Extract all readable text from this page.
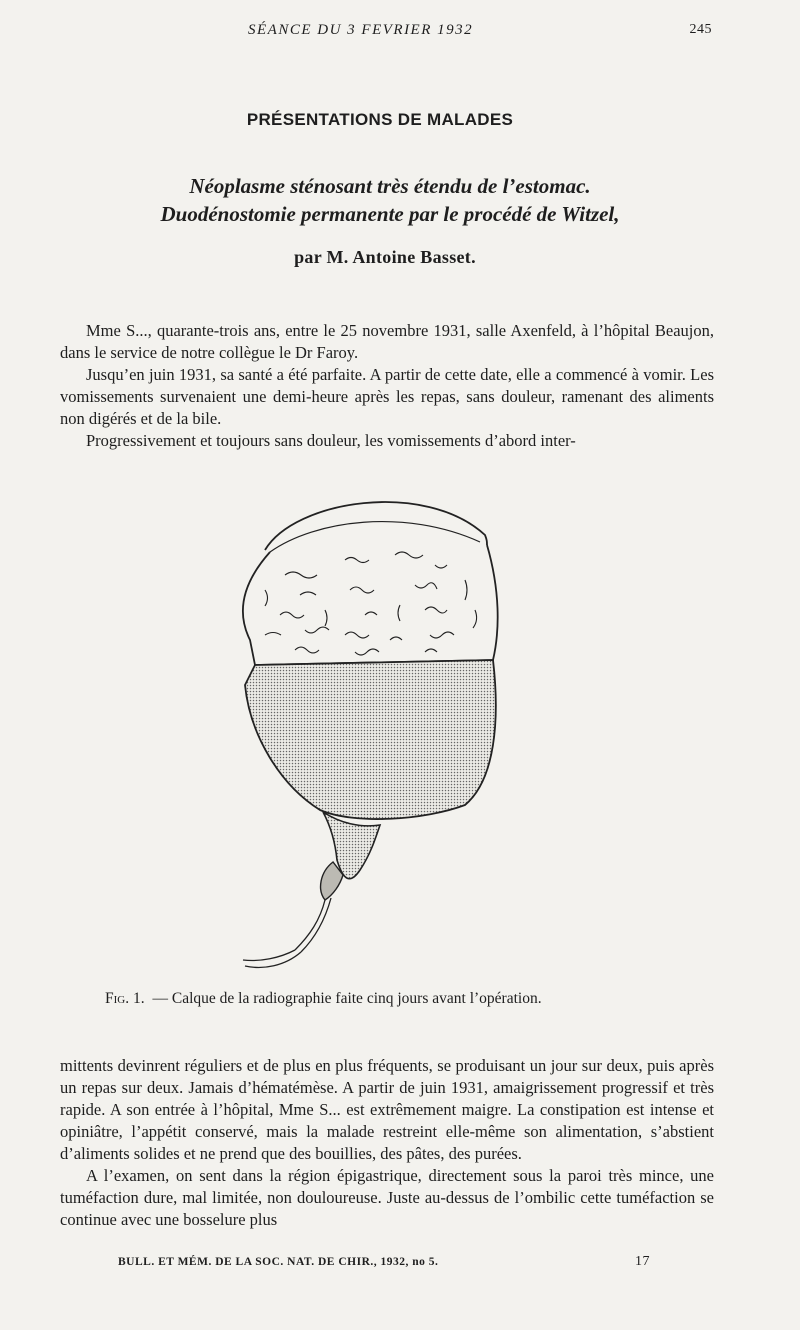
SÉANCE DU 3 FEVRIER 1932	245
PRÉSENTATIONS DE MALADES
Néoplasme sténosant très étendu de l’estomac.
Duodénostomie permanente par le procédé de Witzel,
par M. Antoine Basset.

Mme S..., quarante-trois ans, entre le 25 novembre 1931, salle Axenfeld, à l’hôpital Beaujon, dans le service de notre collègue le Dr Faroy.

Jusqu’en juin 1931, sa santé a été parfaite. A partir de cette date, elle a commencé à vomir. Les vomissements survenaient une demi-heure après les repas, sans douleur, ramenant des aliments non digérés et de la bile.

Progressivement et toujours sans douleur, les vomissements d’abord inter-

Fig. 1. — Calque de la radiographie faite cinq jours avant l’opération.

mittents devinrent réguliers et de plus en plus fréquents, se produisant un jour sur deux, puis après un repas sur deux. Jamais d’hématémèse. A partir de juin 1931, amaigrissement progressif et très rapide. A son entrée à l’hôpital, Mme S... est extrêmement maigre. La constipation est intense et opiniâtre, l’appétit conservé, mais la malade restreint elle-même son alimentation, s’abstient d’aliments solides et ne prend que des bouillies, des pâtes, des purées.

A l’examen, on sent dans la région épigastrique, directement sous la paroi très mince, une tuméfaction dure, mal limitée, non douloureuse. Juste au-dessus de l’ombilic cette tuméfaction se continue avec une bosselure plus

BULL. ET MÉM. DE LA SOC. NAT. DE CHIR., 1932, no 5.	17
